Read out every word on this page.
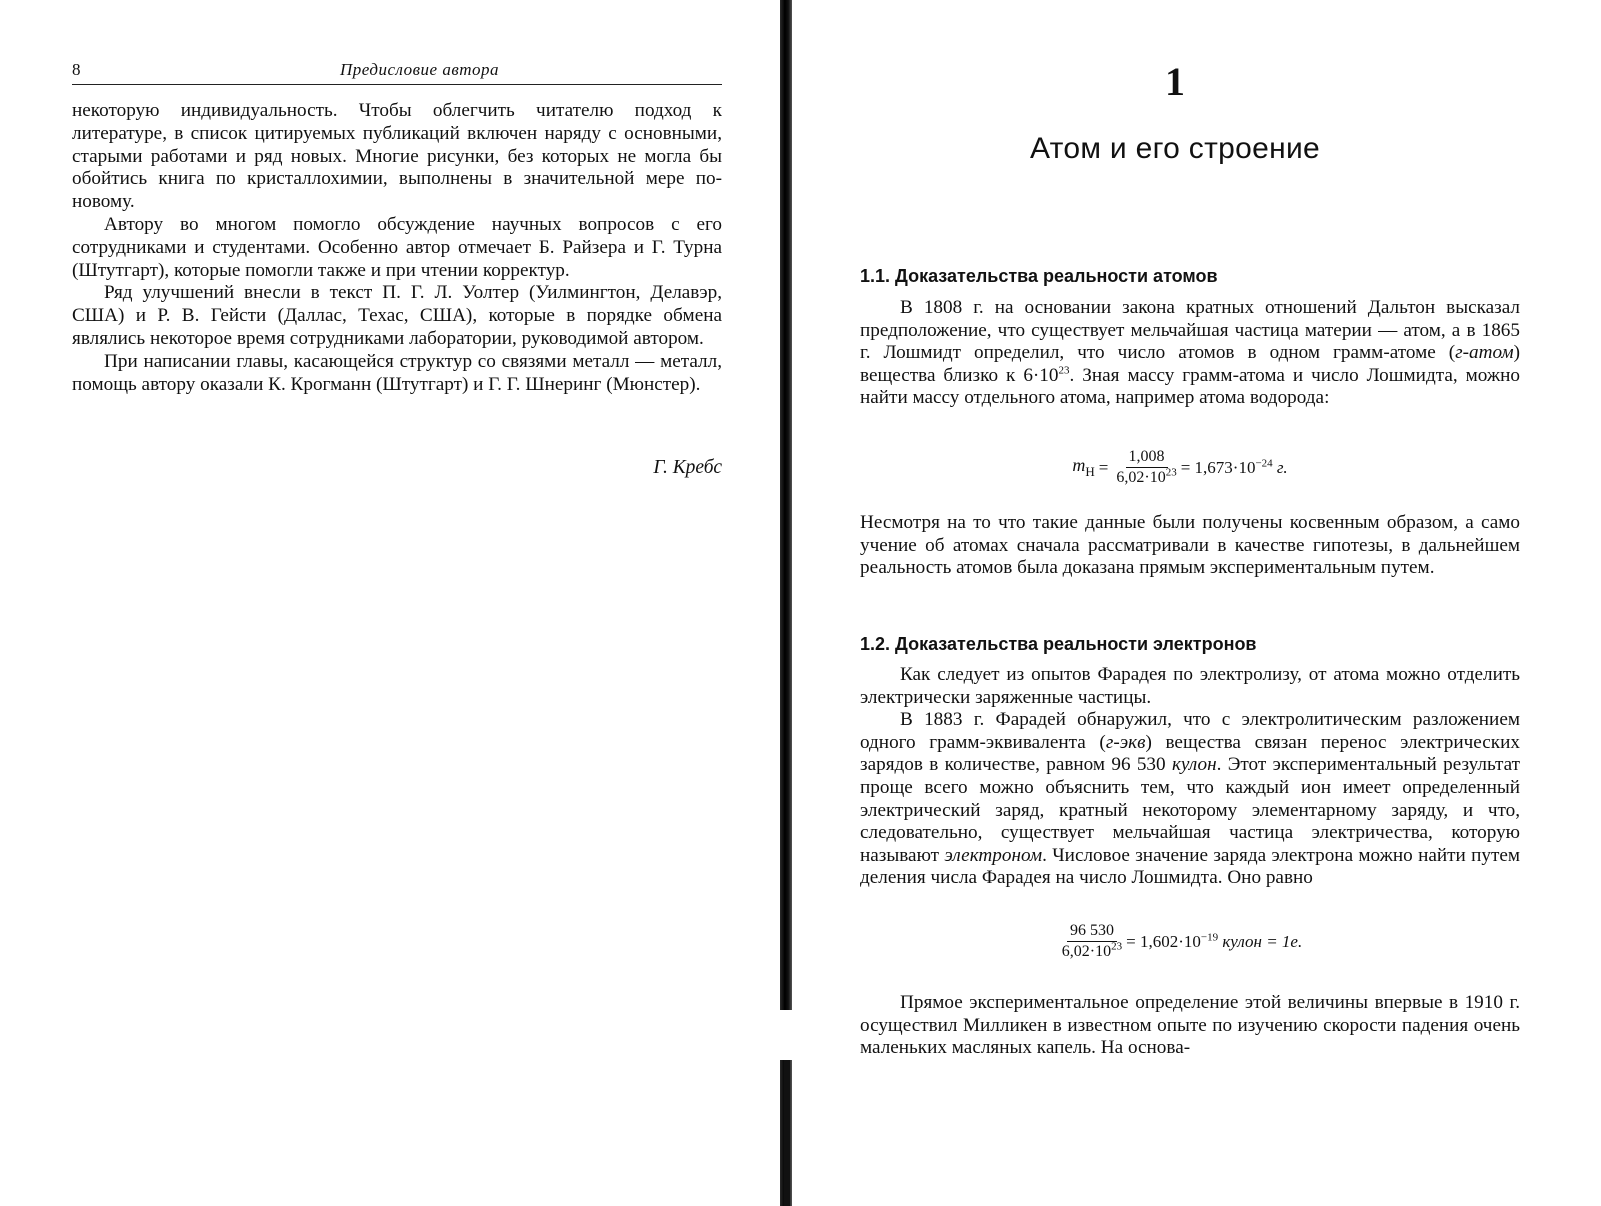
8	Предисловие автора

некоторую индивидуальность. Чтобы облегчить читателю подход к литературе, в список цитируемых публикаций включен наряду с основными, старыми работами и ряд новых. Многие рисунки, без которых не могла бы обойтись книга по кристаллохимии, выполнены в значительной мере по-новому.

Автору во многом помогло обсуждение научных вопросов с его сотрудниками и студентами. Особенно автор отмечает Б. Райзера и Г. Турна (Штутгарт), которые помогли также и при чтении корректур.

Ряд улучшений внесли в текст П. Г. Л. Уолтер (Уилмингтон, Делавэр, США) и Р. В. Гейсти (Даллас, Техас, США), которые в порядке обмена являлись некоторое время сотрудниками лаборатории, руководимой автором.

При написании главы, касающейся структур со связями металл — металл, помощь автору оказали К. Крогманн (Штутгарт) и Г. Г. Шнеринг (Мюнстер).

Г. Кребс
1
Атом и его строение
1.1. Доказательства реальности атомов

В 1808 г. на основании закона кратных отношений Дальтон высказал предположение, что существует мельчайшая частица материи — атом, а в 1865 г. Лошмидт определил, что число атомов в одном грамм-атоме (г-атом) вещества близко к $6\cdot 10^{23}$. Зная массу грамм-атома и число Лошмидта, можно найти массу отдельного атома, например атома водорода:

$m_H = \frac{1,008}{6,02\cdot 10^{23}} = 1,673\cdot 10^{-24}$ г.

Несмотря на то что такие данные были получены косвенным образом, а само учение об атомах сначала рассматривали в качестве гипотезы, в дальнейшем реальность атомов была доказана прямым экспериментальным путем.

1.2. Доказательства реальности электронов

Как следует из опытов Фарадея по электролизу, от атома можно отделить электрически заряженные частицы.

В 1883 г. Фарадей обнаружил, что с электролитическим разложением одного грамм-эквивалента (г-экв) вещества связан перенос электрических зарядов в количестве, равном 96 530 кулон. Этот экспериментальный результат проще всего можно объяснить тем, что каждый ион имеет определенный электрический заряд, кратный некоторому элементарному заряду, и что, следовательно, существует мельчайшая частица электричества, которую называют электроном. Числовое значение заряда электрона можно найти путем деления числа Фарадея на число Лошмидта. Оно равно

$\frac{96 530}{6,02\cdot 10^{23}} = 1,602\cdot 10^{-19}$ кулон = 1e.

Прямое экспериментальное определение этой величины впервые в 1910 г. осуществил Милликен в известном опыте по изучению скорости падения очень маленьких масляных капель. На основа-
